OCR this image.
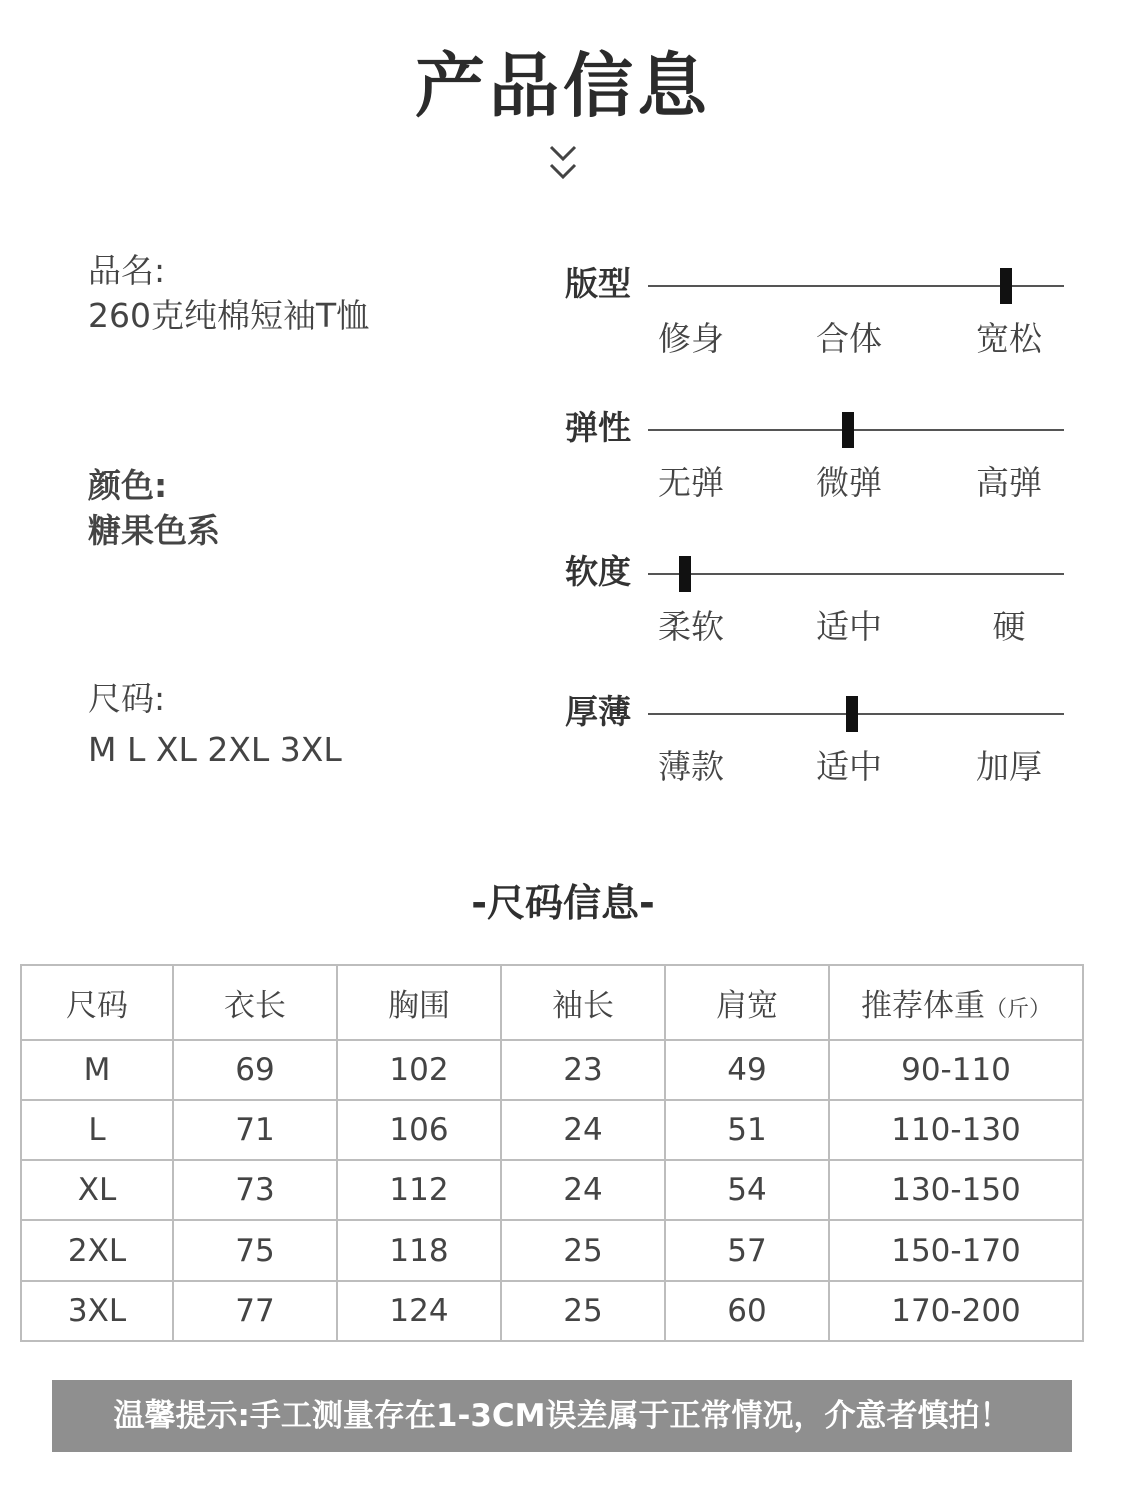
产品信息
品名:
260克纯棉短袖T恤
颜色:
糖果色系
尺码:
M L XL 2XL 3XL
版型
修身	合体	宽松
弹性
无弹	微弹	高弹
软度
柔软	适中	硬
厚薄
薄款	适中	加厚
-尺码信息-
尺码	衣长	胸围	袖长	肩宽	推荐体重（斤）
M	69	102	23	49	90-110
L	71	106	24	51	110-130
XL	73	112	24	54	130-150
2XL	75	118	25	57	150-170
3XL	77	124	25	60	170-200
温馨提示:手工测量存在1-3CM误差属于正常情况，介意者慎拍！
